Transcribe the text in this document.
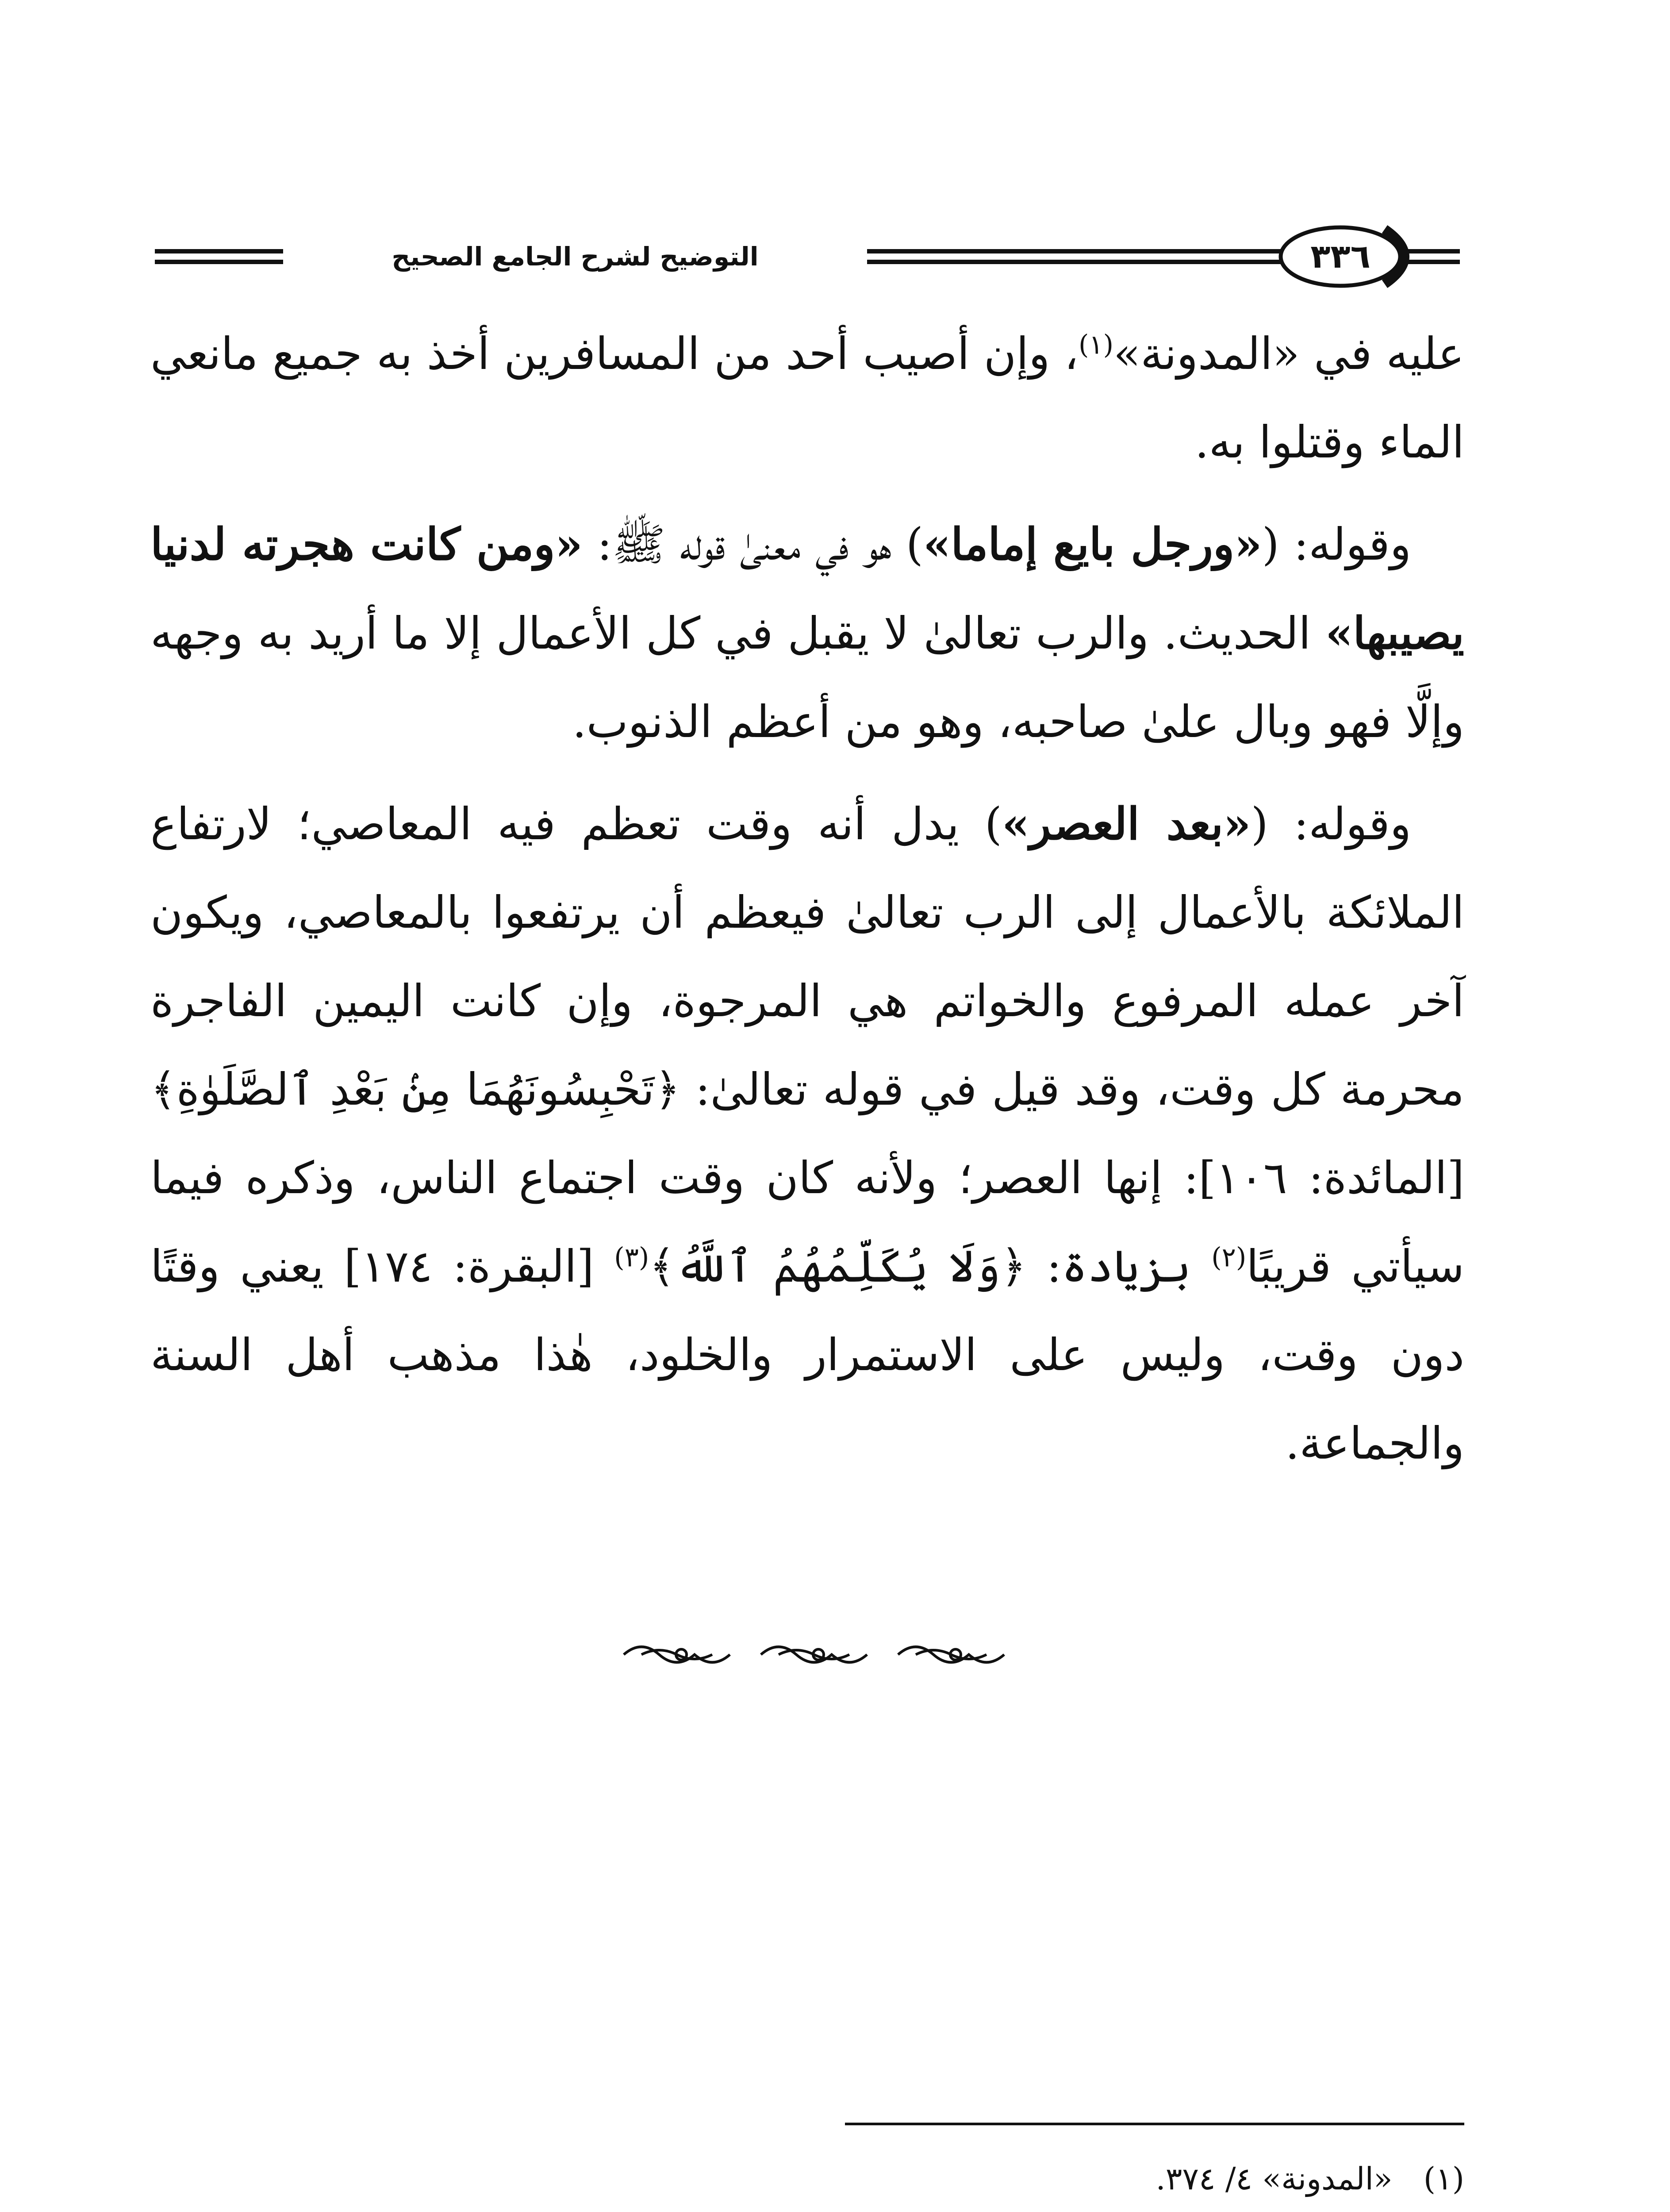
التوضيح لشرح الجامع الصحيح	٣٣٦

عليه في «المدونة»$^{(١)}$، وإن أصيب أحد من المسافرين أخذ به جميع مانعي الماء وقتلوا به.

وقوله: («ورجل بايع إماما») هو في معنىٰ قوله ﷺ: «ومن كانت هجرته لدنيا يصيبها» الحديث. والرب تعالىٰ لا يقبل في كل الأعمال إلا ما أريد به وجهه وإلَّا فهو وبال علىٰ صاحبه، وهو من أعظم الذنوب.

وقوله: («بعد العصر») يدل أنه وقت تعظم فيه المعاصي؛ لارتفاع الملائكة بالأعمال إلى الرب تعالىٰ فيعظم أن يرتفعوا بالمعاصي، ويكون آخر عمله المرفوع والخواتم هي المرجوة، وإن كانت اليمين الفاجرة محرمة كل وقت، وقد قيل في قوله تعالىٰ: ﴿تَحْبِسُونَهُمَا مِنۢ بَعْدِ ٱلصَّلَوٰةِ﴾ [المائدة: ١٠٦]: إنها العصر؛ ولأنه كان وقت اجتماع الناس، وذكره فيما سيأتي قريبًا$^{(٢)}$ بزيادة: ﴿وَلَا يُكَلِّمُهُمُ ٱللَّهُ﴾$^{(٣)}$ [البقرة: ١٧٤] يعني وقتًا دون وقت، وليس على الاستمرار والخلود، هٰذا مذهب أهل السنة والجماعة.

(١) «المدونة» ٤/ ٣٧٤.
